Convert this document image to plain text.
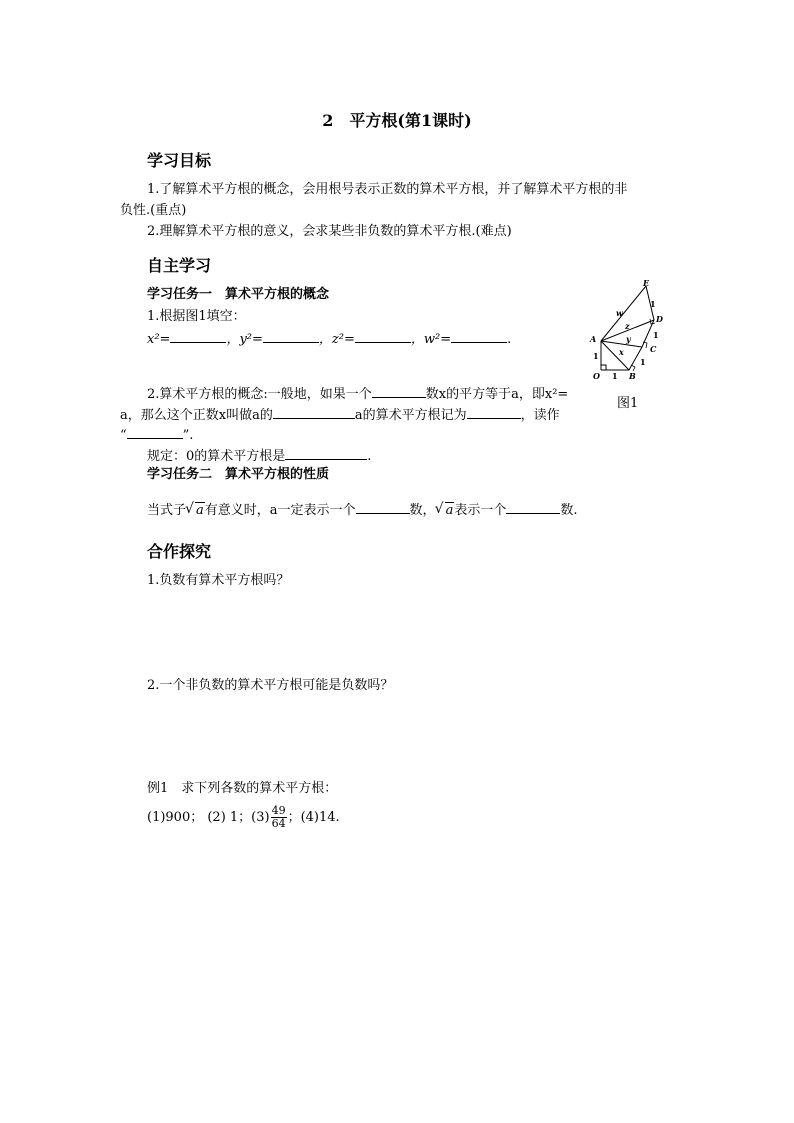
2　平方根(第1课时)
学习目标
1.了解算术平方根的概念，会用根号表示正数的算术平方根，并了解算术平方根的非
负性.(重点)
2.理解算术平方根的意义，会求某些非负数的算术平方根.(难点)
自主学习
学习任务一　算术平方根的概念
1.根据图1填空：
x²=	，y²=	，z²=	，w²=	.
2.算术平方根的概念:一般地，如果一个	数x的平方等于a，即x²=
a，那么这个正数x叫做a的	a的算术平方根记为	，读作
“	”.
规定：0的算术平方根是	.
学习任务二　算术平方根的性质
当式子 √ a有意义时，a一定表示一个	数， √ a表示一个	数.
E
D
C
B
O
A
1
1
1
1
1
w
z
y
x
图1
合作探究
1.负数有算术平方根吗？
2.一个非负数的算术平方根可能是负数吗？
例1　求下列各数的算术平方根：
(1)900； (2) 1；$(3) \frac{49}{64}$ ；(4)14.
